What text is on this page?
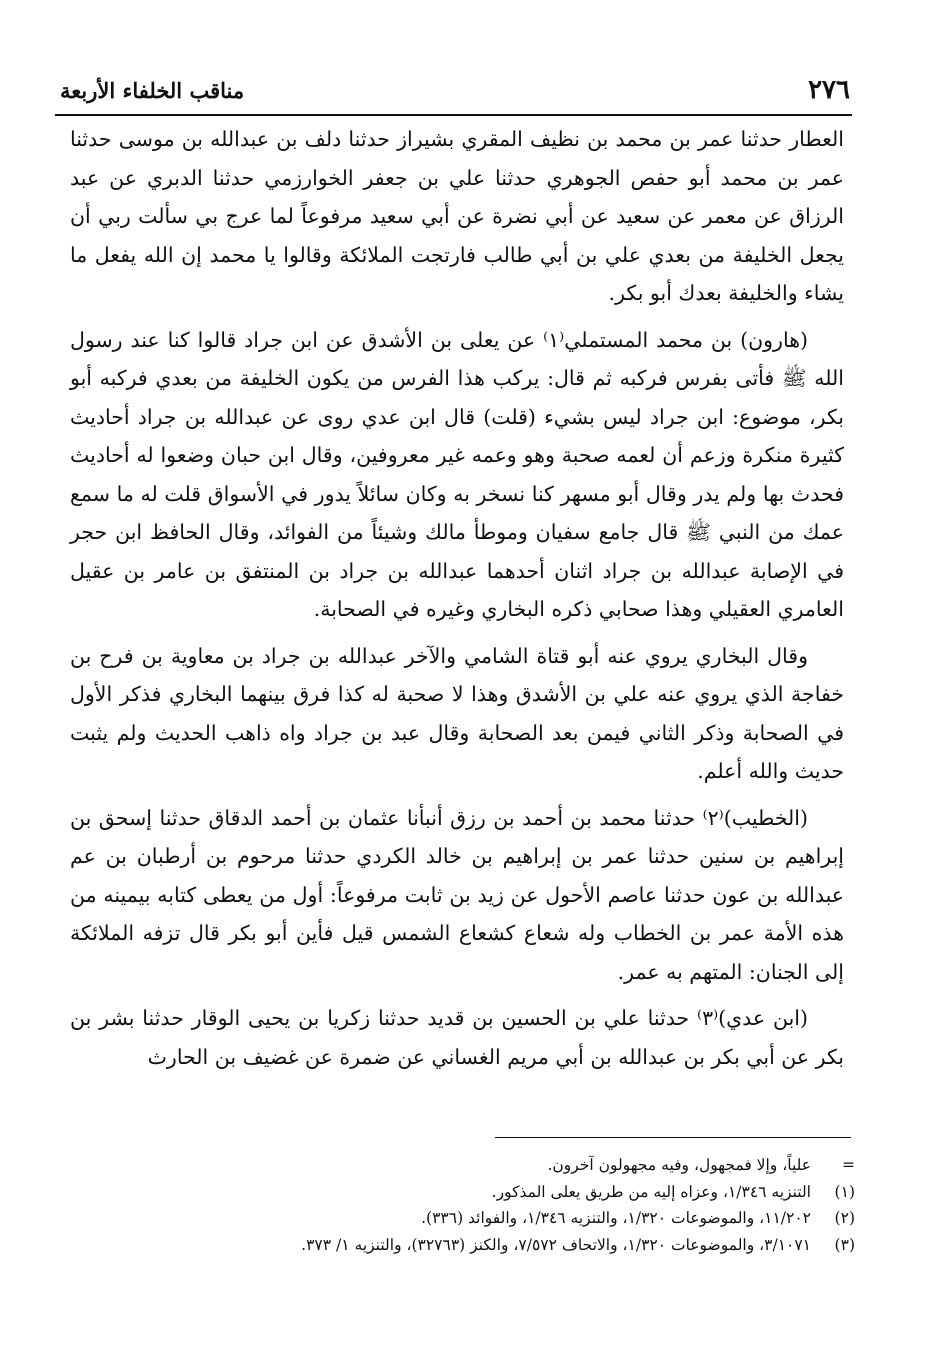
٢٧٦
مناقب الخلفاء الأربعة

العطار حدثنا عمر بن محمد بن نظيف المقري بشيراز حدثنا دلف بن عبدالله بن موسى حدثنا عمر بن محمد أبو حفص الجوهري حدثنا علي بن جعفر الخوارزمي حدثنا الدبري عن عبد الرزاق عن معمر عن سعيد عن أبي نضرة عن أبي سعيد مرفوعاً لما عرج بي سألت ربي أن يجعل الخليفة من بعدي علي بن أبي طالب فارتجت الملائكة وقالوا يا محمد إن الله يفعل ما يشاء والخليفة بعدك أبو بكر.

(هارون) بن محمد المستملي⁽١⁾ عن يعلى بن الأشدق عن ابن جراد قالوا كنا عند رسول الله ﷺ فأتى بفرس فركبه ثم قال: يركب هذا الفرس من يكون الخليفة من بعدي فركبه أبو بكر، موضوع: ابن جراد ليس بشيء (قلت) قال ابن عدي روى عن عبدالله بن جراد أحاديث كثيرة منكرة وزعم أن لعمه صحبة وهو وعمه غير معروفين، وقال ابن حبان وضعوا له أحاديث فحدث بها ولم يدر وقال أبو مسهر كنا نسخر به وكان سائلاً يدور في الأسواق قلت له ما سمع عمك من النبي ﷺ قال جامع سفيان وموطأ مالك وشيئاً من الفوائد، وقال الحافظ ابن حجر في الإصابة عبدالله بن جراد اثنان أحدهما عبدالله بن جراد بن المنتفق بن عامر بن عقيل العامري العقيلي وهذا صحابي ذكره البخاري وغيره في الصحابة.

وقال البخاري يروي عنه أبو قتاة الشامي والآخر عبدالله بن جراد بن معاوية بن فرح بن خفاجة الذي يروي عنه علي بن الأشدق وهذا لا صحبة له كذا فرق بينهما البخاري فذكر الأول في الصحابة وذكر الثاني فيمن بعد الصحابة وقال عبد بن جراد واه ذاهب الحديث ولم يثبت حديث والله أعلم.

(الخطيب)⁽٢⁾ حدثنا محمد بن أحمد بن رزق أنبأنا عثمان بن أحمد الدقاق حدثنا إسحق بن إبراهيم بن سنين حدثنا عمر بن إبراهيم بن خالد الكردي حدثنا مرحوم بن أرطبان بن عم عبدالله بن عون حدثنا عاصم الأحول عن زيد بن ثابت مرفوعاً: أول من يعطى كتابه بيمينه من هذه الأمة عمر بن الخطاب وله شعاع كشعاع الشمس قيل فأين أبو بكر قال تزفه الملائكة إلى الجنان: المتهم به عمر.

(ابن عدي)⁽٣⁾ حدثنا علي بن الحسين بن قديد حدثنا زكريا بن يحيى الوقار حدثنا بشر بن بكر عن أبي بكر بن عبدالله بن أبي مريم الغساني عن ضمرة عن غضيف بن الحارث

=
علياً، وإلا فمجهول، وفيه مجهولون آخرون.
(١)
التنزيه ١/٣٤٦، وعزاه إليه من طريق يعلى المذكور.
(٢)
١١/٢٠٢، والموضوعات ١/٣٢٠، والتنزيه ١/٣٤٦، والفوائد (٣٣٦).
(٣)
٣/١٠٧١، والموضوعات ١/٣٢٠، والاتحاف ٧/٥٧٢، والكنز (٣٢٧٦٣)، والتنزيه ١/ ٣٧٣.
